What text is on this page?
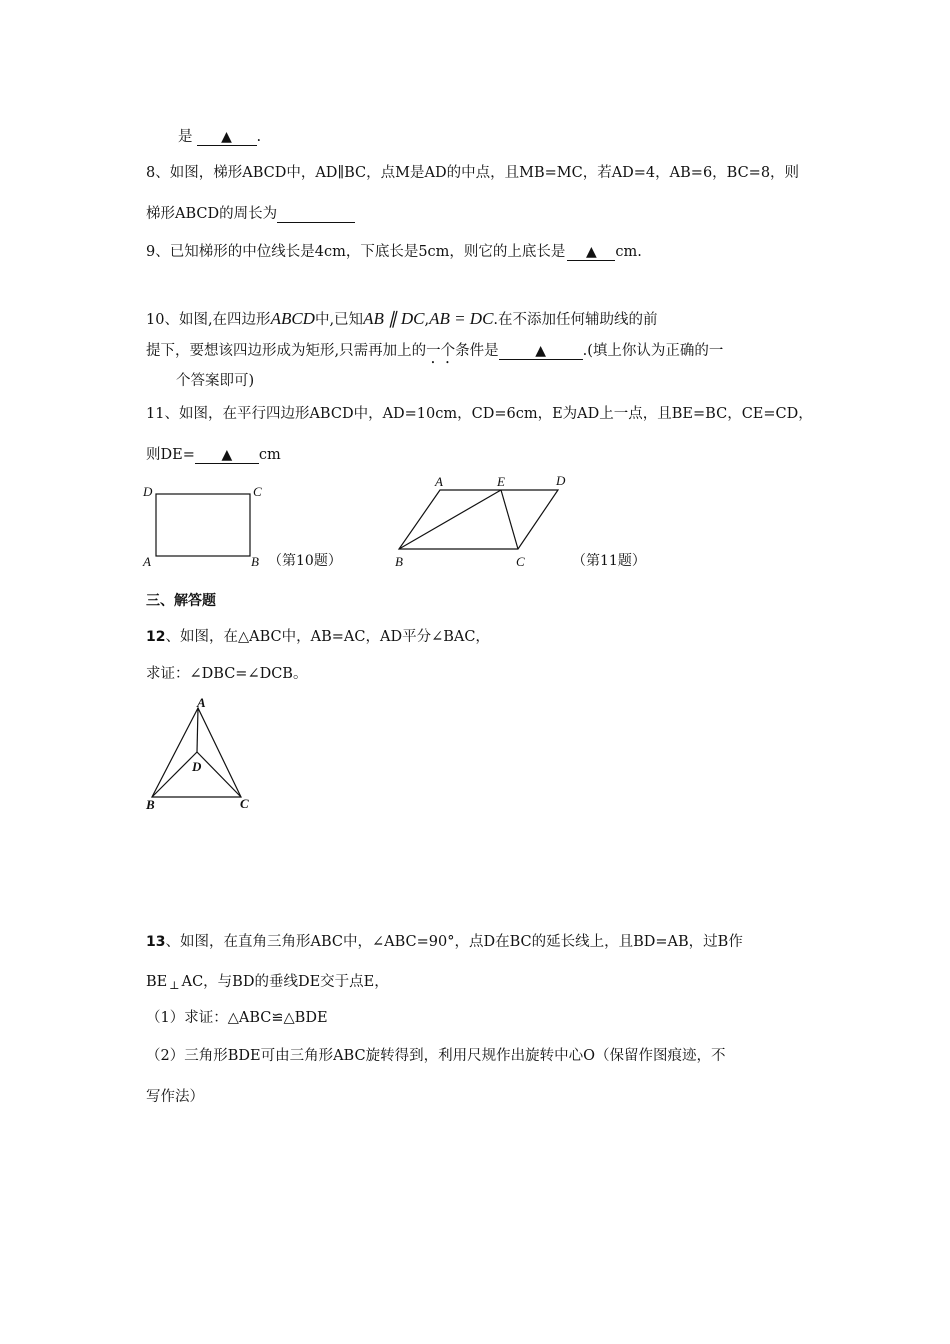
是 ▲ .
8、如图，梯形ABCD中，AD∥BC，点M是AD的中点，且MB=MC，若AD=4，AB=6，BC=8，则
梯形ABCD的周长为
9、已知梯形的中位线长是4cm，下底长是5cm，则它的上底长是 ▲ cm.
10、如图,在四边形ABCD中,已知AB ∥ DC,AB = DC.在不添加任何辅助线的前
提下，要想该四边形成为矩形,只需再加上的一个条件是	▲	.(填上你认为正确的一
个答案即可)
11、如图，在平行四边形ABCD中，AD=10cm，CD=6cm，E为AD上一点，且BE=BC，CE=CD，
则DE= ▲ cm
D	C
A	B
A	E	D
B	C
A
D
B	C
（第10题）	（第11题）
三、解答题
12、如图，在△ABC中，AB=AC，AD平分∠BAC，
求证：∠DBC=∠DCB。
13、如图，在直角三角形ABC中，∠ABC=90°，点D在BC的延长线上，且BD=AB，过B作
BE $_\perp$ AC，与BD的垂线DE交于点E，
（1）求证：△ABC≌△BDE
（2）三角形BDE可由三角形ABC旋转得到，利用尺规作出旋转中心O（保留作图痕迹，不
写作法）
